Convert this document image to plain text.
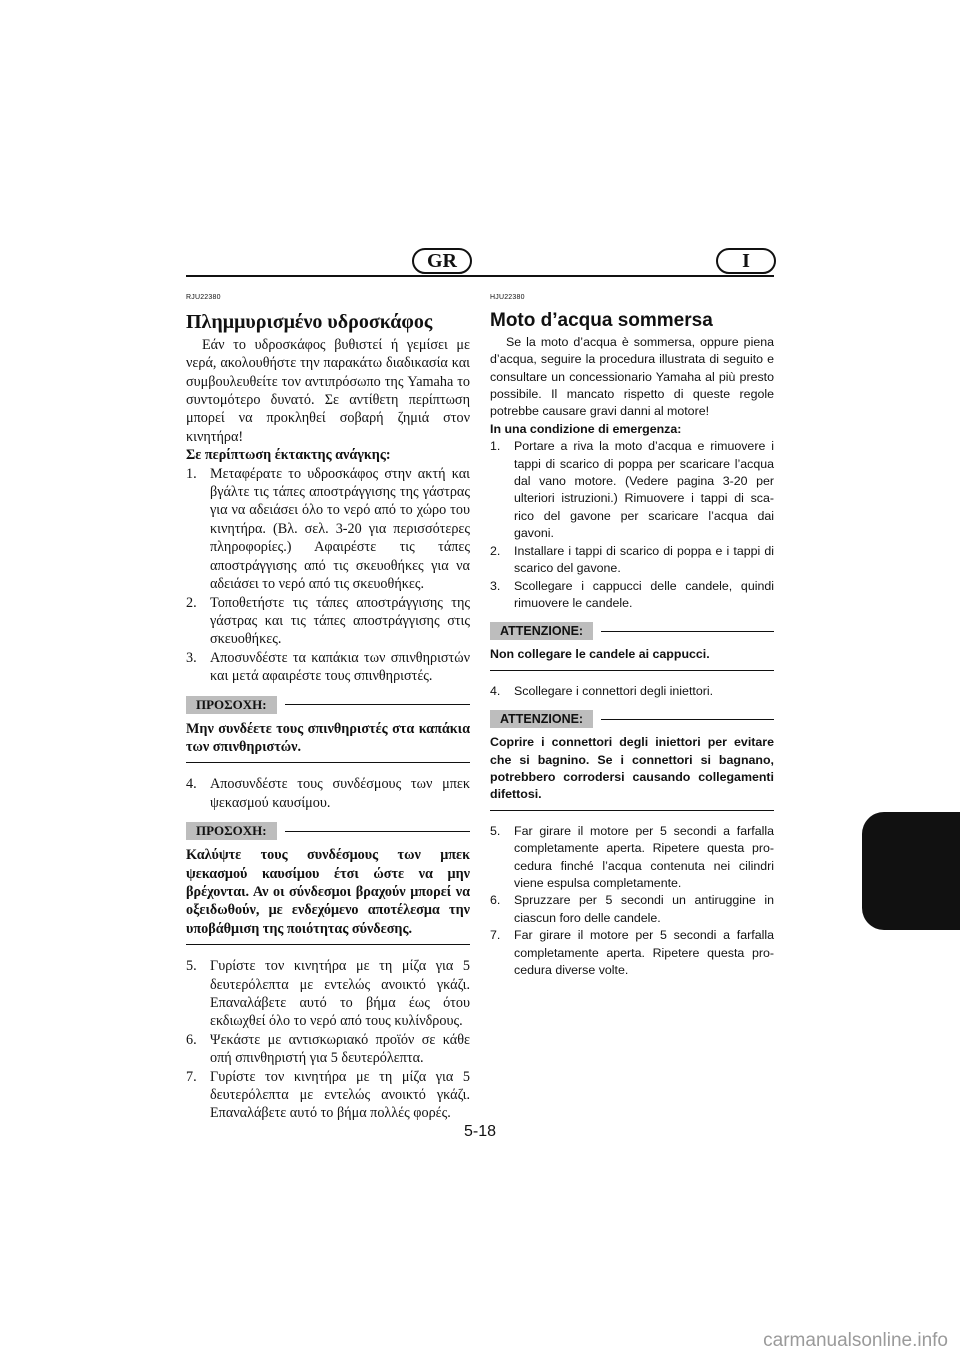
GR	I
RJU22380
Πλημμυρισμένο υδροσκάφος

Εάν το υδροσκάφος βυθιστεί ή γεμίσει με νερά, ακολουθήστε την παρακάτω διαδικασία και συμβουλευθείτε τον αντιπρόσωπο της Yamaha το συντομότερο δυνατό. Σε αντίθετη περίπτωση μπορεί να προκληθεί σοβαρή ζημιά στον κινητήρα!

Σε περίπτωση έκτακτης ανάγκης:

1. Μεταφέρατε το υδροσκάφος στην ακτή και βγάλτε τις τάπες αποστράγγισης της γάστρας για να αδειάσει όλο το νερό από το χώρο του κινητήρα. (Βλ. σελ. 3-20 για περισσότερες πληροφορίες.) Αφαιρέστε τις τάπες αποστράγγισης από τις σκευοθήκες για να αδειάσει το νερό από τις σκευοθήκες.
2. Τοποθετήστε τις τάπες αποστράγγισης της γάστρας και τις τάπες αποστράγγισης στις σκευοθήκες.
3. Αποσυνδέστε τα καπάκια των σπινθηριστών και μετά αφαιρέστε τους σπινθηριστές.
ΠΡΟΣΟΧΗ:
Μην συνδέετε τους σπινθηριστές στα καπάκια των σπινθηριστών.
4. Αποσυνδέστε τους συνδέσμους των μπεκ ψεκασμού καυσίμου.
ΠΡΟΣΟΧΗ:
Καλύψτε τους συνδέσμους των μπεκ ψεκασμού καυσίμου έτσι ώστε να μην βρέχονται. Αν οι σύνδεσμοι βραχούν μπορεί να οξειδωθούν, με ενδεχόμενο αποτέλεσμα την υποβάθμιση της ποιότητας σύνδεσης.
5. Γυρίστε τον κινητήρα με τη μίζα για 5 δευτερόλεπτα με εντελώς ανοικτό γκάζι. Επαναλάβετε αυτό το βήμα έως ότου εκδιωχθεί όλο το νερό από τους κυλίνδρους.
6. Ψεκάστε με αντισκωριακό προϊόν σε κάθε οπή σπινθηριστή για 5 δευτερόλεπτα.
7. Γυρίστε τον κινητήρα με τη μίζα για 5 δευτερόλεπτα με εντελώς ανοικτό γκάζι. Επαναλάβετε αυτό το βήμα πολλές φορές.
HJU22380
Moto d’acqua sommersa

Se la moto d’acqua è sommersa, oppure piena d’acqua, seguire la procedura illustrata di seguito e consultare un concessionario Yamaha al più presto possibile. Il mancato rispetto di queste regole potrebbe causare gravi danni al motore!

In una condizione di emergenza:

1.	Portare a riva la moto d’acqua e rimuovere i tappi di scarico di poppa per scaricare l’acqua dal vano motore. (Vedere pagina 3-20 per ulteriori istruzioni.) Rimuovere i tappi di sca-rico del gavone per scaricare l’acqua dai gavoni.
2.	Installare i tappi di scarico di poppa e i tappi di scarico del gavone.
3.	Scollegare i cappucci delle candele, quindi rimuovere le candele.
ATTENZIONE:
Non collegare le candele ai cappucci.
4.	Scollegare i connettori degli iniettori.
ATTENZIONE:
Coprire i connettori degli iniettori per evitare che si bagnino. Se i connettori si bagnano, potrebbero corrodersi causando collegamenti difettosi.
5.	Far girare il motore per 5 secondi a farfalla completamente aperta. Ripetere questa pro-cedura finché l’acqua contenuta nei cilindri viene espulsa completamente.
6.	Spruzzare per 5 secondi un antiruggine in ciascun foro delle candele.
7.	Far girare il motore per 5 secondi a farfalla completamente aperta. Ripetere questa pro-cedura diverse volte.
5-18
carmanualsonline.info
